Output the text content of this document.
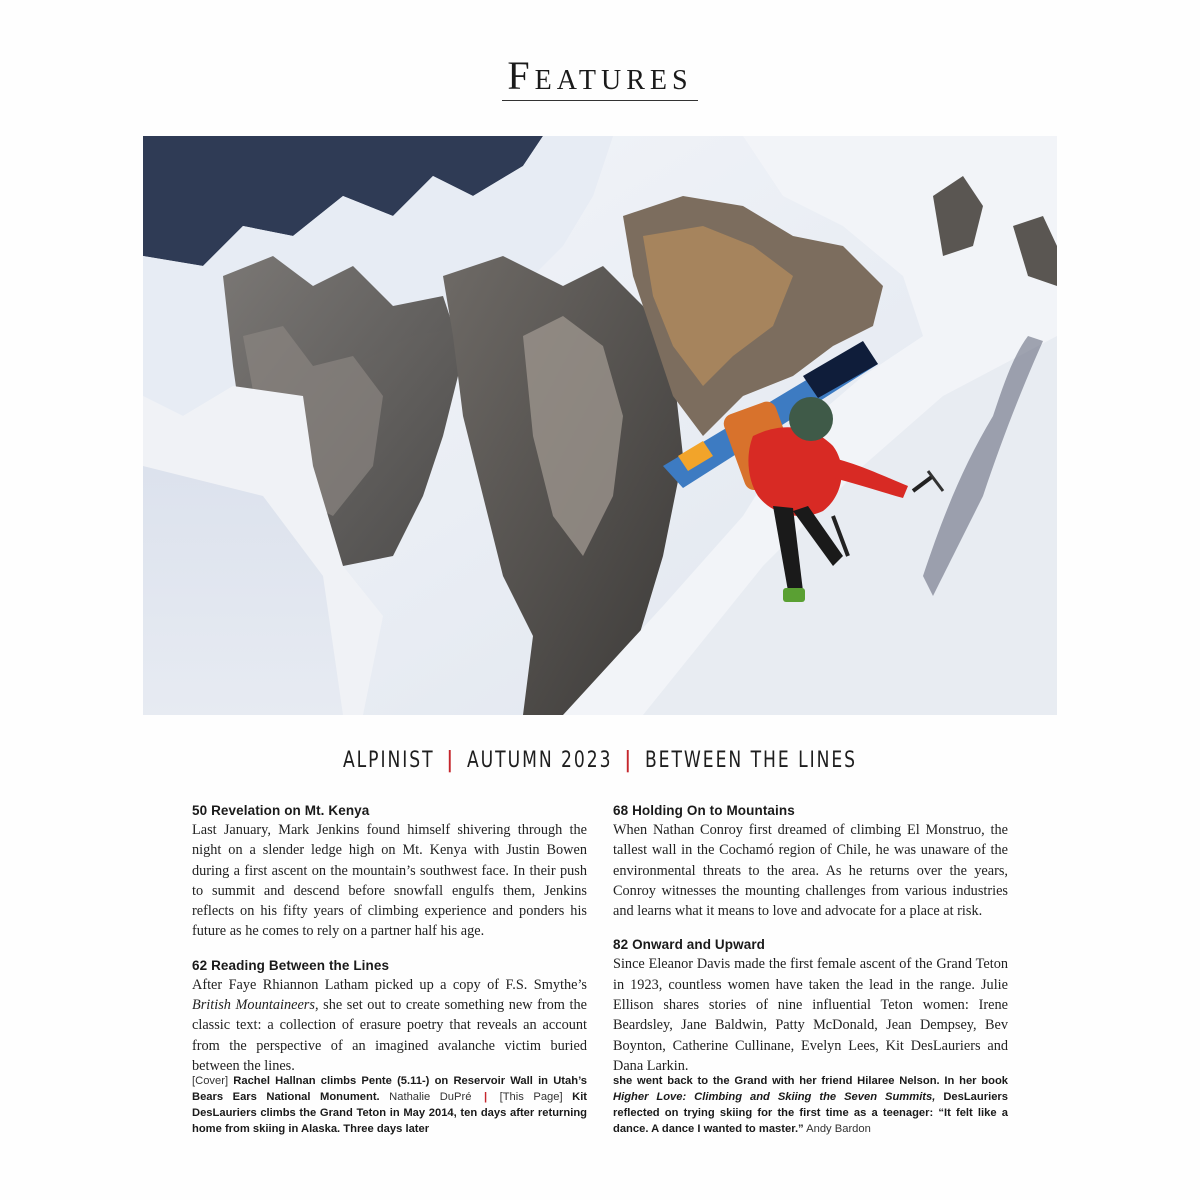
Features
ALPINIST | AUTUMN 2023 | BETWEEN THE LINES
50 Revelation on Mt. Kenya
Last January, Mark Jenkins found himself shivering through the night on a slender ledge high on Mt. Kenya with Justin Bowen during a first ascent on the mountain’s southwest face. In their push to summit and descend before snowfall engulfs them, Jenkins reflects on his fifty years of climbing experience and ponders his future as he comes to rely on a partner half his age.
62 Reading Between the Lines
After Faye Rhiannon Latham picked up a copy of F.S. Smythe’s British Mountaineers, she set out to create something new from the classic text: a collection of erasure poetry that reveals an account from the perspective of an imagined avalanche victim buried between the lines.
68 Holding On to Mountains
When Nathan Conroy first dreamed of climbing El Monstruo, the tallest wall in the Cochamó region of Chile, he was unaware of the environmental threats to the area. As he returns over the years, Conroy witnesses the mounting challenges from various industries and learns what it means to love and advocate for a place at risk.
82 Onward and Upward
Since Eleanor Davis made the first female ascent of the Grand Teton in 1923, countless women have taken the lead in the range. Julie Ellison shares stories of nine influential Teton women: Irene Beardsley, Jane Baldwin, Patty McDonald, Jean Dempsey, Bev Boynton, Catherine Cullinane, Evelyn Lees, Kit DesLauriers and Dana Larkin.
[Cover] Rachel Hallnan climbs Pente (5.11-) on Reservoir Wall in Utah’s Bears Ears National Monument. Nathalie DuPré | [This Page] Kit DesLauriers climbs the Grand Teton in May 2014, ten days after returning home from skiing in Alaska. Three days later
she went back to the Grand with her friend Hilaree Nelson. In her book Higher Love: Climbing and Skiing the Seven Summits, DesLauriers reflected on trying skiing for the first time as a teenager: “It felt like a dance. A dance I wanted to master.” Andy Bardon
